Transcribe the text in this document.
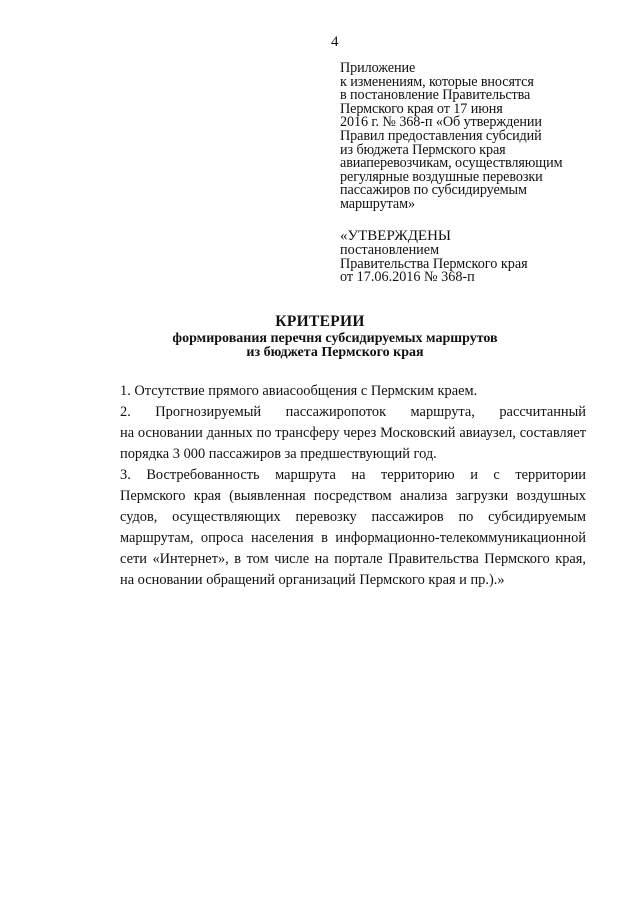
4
Приложение
к изменениям, которые вносятся
в постановление Правительства
Пермского края от 17 июня
2016 г. № 368-п «Об утверждении
Правил предоставления субсидий
из бюджета Пермского края
авиаперевозчикам, осуществляющим
регулярные воздушные перевозки
пассажиров по субсидируемым
маршрутам»
«УТВЕРЖДЕНЫ
постановлением
Правительства Пермского края
от 17.06.2016 № 368-п
КРИТЕРИИ
формирования перечня субсидируемых маршрутов
из бюджета Пермского края
1. Отсутствие прямого авиасообщения с Пермским краем.
2. Прогнозируемый пассажиропоток маршрута, рассчитанный
на основании данных по трансферу через Московский авиаузел, составляет
порядка 3 000 пассажиров за предшествующий год.
3. Востребованность маршрута на территорию и с территории
Пермского края (выявленная посредством анализа загрузки воздушных
судов, осуществляющих перевозку пассажиров по субсидируемым
маршрутам, опроса населения в информационно-телекоммуникационной
сети «Интернет», в том числе на портале Правительства Пермского края,
на основании обращений организаций Пермского края и пр.).»
